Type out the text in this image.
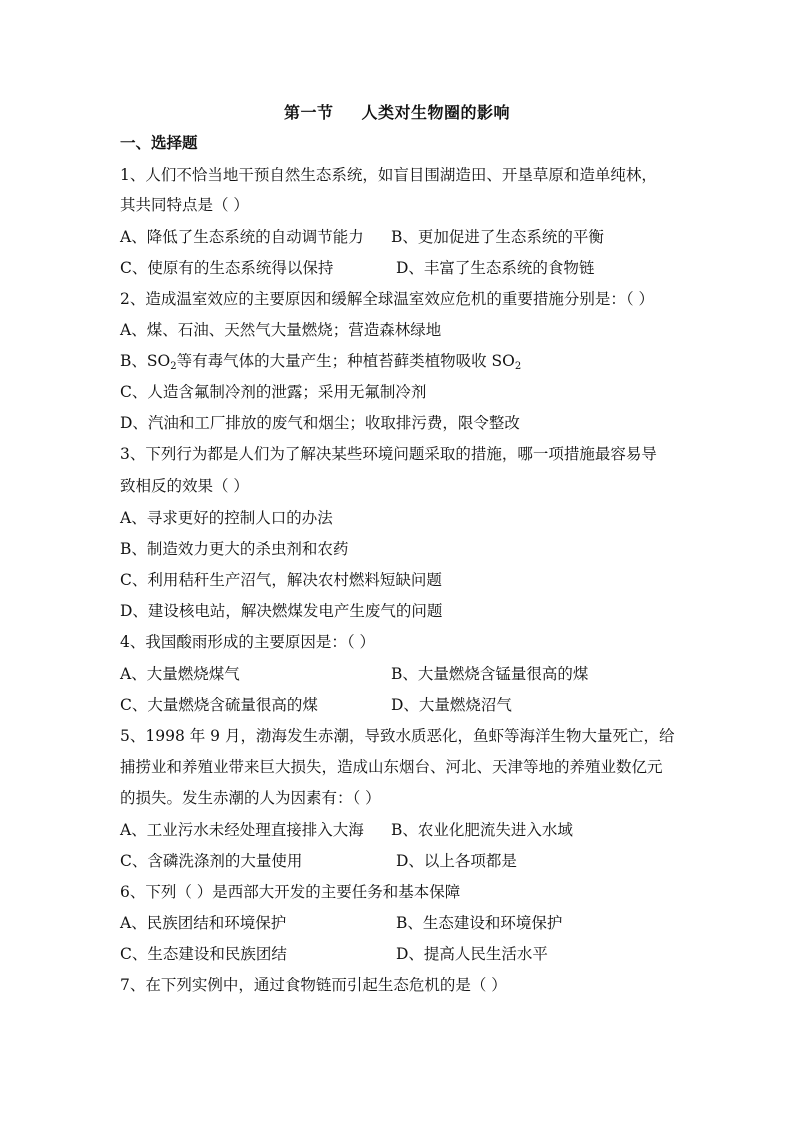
第一节 人类对生物圈的影响
一、选择题
1、人们不恰当地干预自然生态系统，如盲目围湖造田、开垦草原和造单纯林，
其共同特点是（ ）
A、降低了生态系统的自动调节能力 B、更加促进了生态系统的平衡
C、使原有的生态系统得以保持	D、丰富了生态系统的食物链
2、造成温室效应的主要原因和缓解全球温室效应危机的重要措施分别是：（ ）
A、煤、石油、天然气大量燃烧；营造森林绿地
B、$SO_2$等有毒气体的大量产生；种植苔藓类植物吸收 $SO_2$
C、人造含氟制冷剂的泄露；采用无氟制冷剂
D、汽油和工厂排放的废气和烟尘；收取排污费，限令整改
3、下列行为都是人们为了解决某些环境问题采取的措施，哪一项措施最容易导
致相反的效果（ ）
A、寻求更好的控制人口的办法
B、制造效力更大的杀虫剂和农药
C、利用秸秆生产沼气，解决农村燃料短缺问题
D、建设核电站，解决燃煤发电产生废气的问题
4、我国酸雨形成的主要原因是：（ ）
A、大量燃烧煤气	B、大量燃烧含锰量很高的煤
C、大量燃烧含硫量很高的煤	D、大量燃烧沼气
5、1998 年 9 月，渤海发生赤潮，导致水质恶化，鱼虾等海洋生物大量死亡，给
捕捞业和养殖业带来巨大损失，造成山东烟台、河北、天津等地的养殖业数亿元
的损失。发生赤潮的人为因素有：（ ）
A、工业污水未经处理直接排入大海 B、农业化肥流失进入水域
C、含磷洗涤剂的大量使用	D、以上各项都是
6、下列（ ）是西部大开发的主要任务和基本保障
A、民族团结和环境保护	B、生态建设和环境保护
C、生态建设和民族团结	D、提高人民生活水平
7、在下列实例中，通过食物链而引起生态危机的是（ ）
